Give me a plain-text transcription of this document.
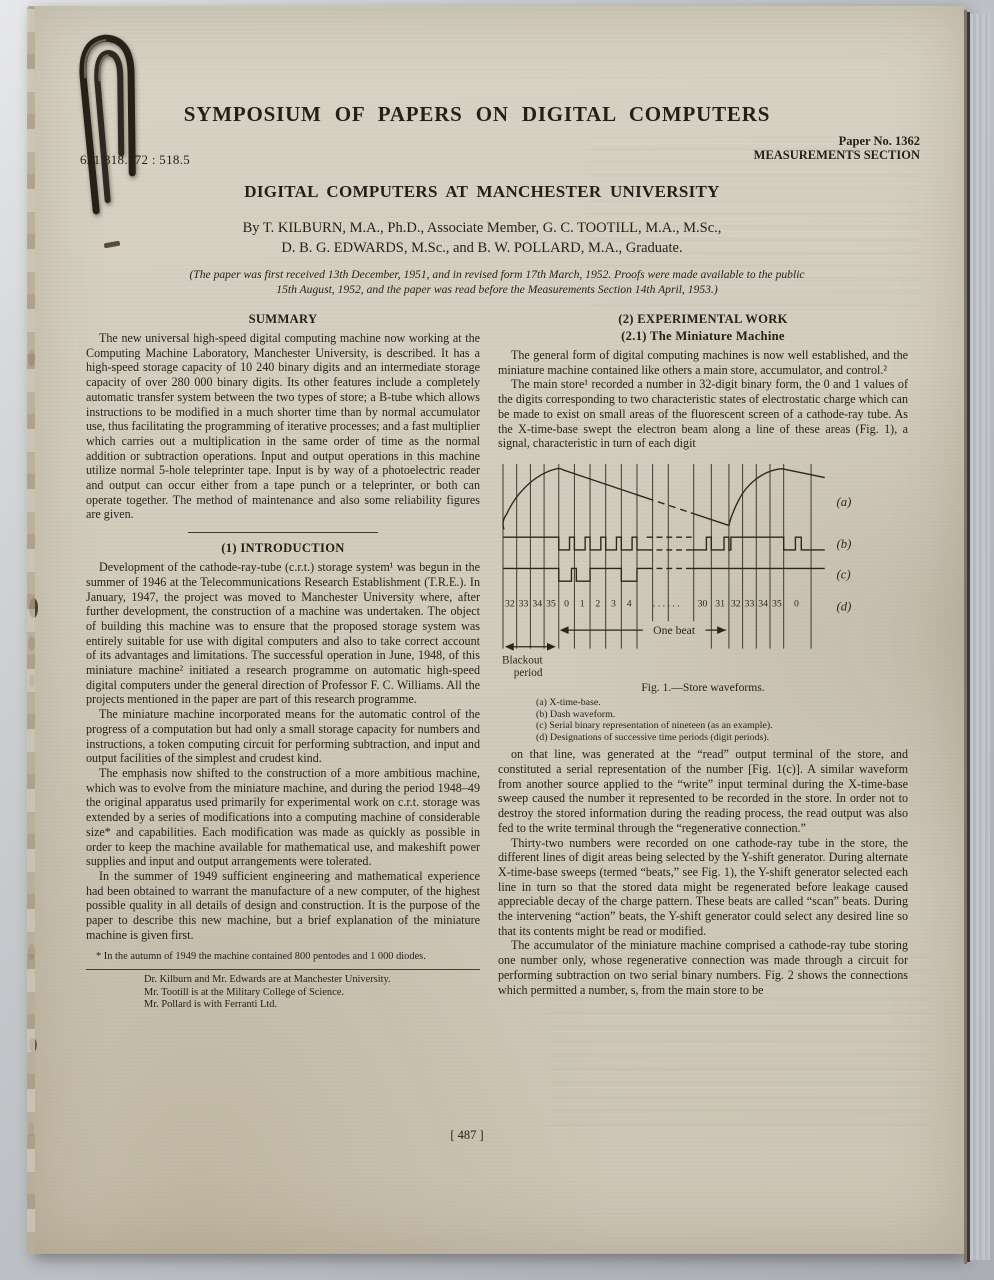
621.318.572 : 518.5
SYMPOSIUM OF PAPERS ON DIGITAL COMPUTERS
Paper No. 1362
MEASUREMENTS SECTION
DIGITAL COMPUTERS AT MANCHESTER UNIVERSITY
By T. KILBURN, M.A., Ph.D., Associate Member, G. C. TOOTILL, M.A., M.Sc.,
D. B. G. EDWARDS, M.Sc., and B. W. POLLARD, M.A., Graduate.
(The paper was first received 13th December, 1951, and in revised form 17th March, 1952. Proofs were made available to the public
15th August, 1952, and the paper was read before the Measurements Section 14th April, 1953.)
SUMMARY

The new universal high-speed digital computing machine now working at the Computing Machine Laboratory, Manchester University, is described. It has a high-speed storage capacity of 10 240 binary digits and an intermediate storage capacity of over 280 000 binary digits. Its other features include a completely automatic transfer system between the two types of store; a B-tube which allows instructions to be modified in a much shorter time than by normal accumulator use, thus facilitating the programming of iterative processes; and a fast multiplier which carries out a multiplication in the same order of time as the normal addition or subtraction operations. Input and output operations in this machine utilize normal 5-hole teleprinter tape. Input is by way of a photoelectric reader and output can occur either from a tape punch or a teleprinter, or both can operate together. The method of maintenance and also some reliability figures are given.

(1) INTRODUCTION

Development of the cathode-ray-tube (c.r.t.) storage system¹ was begun in the summer of 1946 at the Telecommunications Research Establishment (T.R.E.). In January, 1947, the project was moved to Manchester University where, after further development, the construction of a machine was undertaken. The object of building this machine was to ensure that the proposed storage system was entirely suitable for use with digital computers and also to take correct account of its advantages and limitations. The successful operation in June, 1948, of this miniature machine² initiated a research programme on automatic high-speed digital computers under the general direction of Professor F. C. Williams. All the projects mentioned in the paper are part of this research programme.

The miniature machine incorporated means for the automatic control of the progress of a computation but had only a small storage capacity for numbers and instructions, a token computing circuit for performing subtraction, and input and output facilities of the simplest and crudest kind.

The emphasis now shifted to the construction of a more ambitious machine, which was to evolve from the miniature machine, and during the period 1948–49 the original apparatus used primarily for experimental work on c.r.t. storage was extended by a series of modifications into a computing machine of considerable size* and capabilities. Each modification was made as quickly as possible in order to keep the machine available for mathematical use, and makeshift power supplies and input and output arrangements were tolerated.

In the summer of 1949 sufficient engineering and mathematical experience had been obtained to warrant the manufacture of a new computer, of the highest possible quality in all details of design and construction. It is the purpose of the paper to describe this new machine, but a brief explanation of the miniature machine is given first.

* In the autumn of 1949 the machine contained 800 pentodes and 1 000 diodes.
Dr. Kilburn and Mr. Edwards are at Manchester University.
Mr. Tootill is at the Military College of Science.
Mr. Pollard is with Ferranti Ltd.
(2) EXPERIMENTAL WORK
(2.1) The Miniature Machine

The general form of digital computing machines is now well established, and the miniature machine contained like others a main store, accumulator, and control.²

The main store¹ recorded a number in 32-digit binary form, the 0 and 1 values of the digits corresponding to two characteristic states of electrostatic charge which can be made to exist on small areas of the fluorescent screen of a cathode-ray tube. As the X-time-base swept the electron beam along a line of these areas (Fig. 1), a signal, characteristic in turn of each digit

32 33 34 35 0 1 2 3 4 . . . . . . 30 31 32 33 34 35 0
One beat
Blackout
period
(a)
(b)
(c)
(d)
Fig. 1.—Store waveforms.
(a) X-time-base.
(b) Dash waveform.
(c) Serial binary representation of nineteen (as an example).
(d) Designations of successive time periods (digit periods).

on that line, was generated at the “read” output terminal of the store, and constituted a serial representation of the number [Fig. 1(c)]. A similar waveform from another source applied to the “write” input terminal during the X-time-base sweep caused the number it represented to be recorded in the store. In order not to destroy the stored information during the reading process, the read output was also fed to the write terminal through the “regenerative connection.”

Thirty-two numbers were recorded on one cathode-ray tube in the store, the different lines of digit areas being selected by the Y-shift generator. During alternate X-time-base sweeps (termed “beats,” see Fig. 1), the Y-shift generator selected each line in turn so that the stored data might be regenerated before leakage caused appreciable decay of the charge pattern. These beats are called “scan” beats. During the intervening “action” beats, the Y-shift generator could select any desired line so that its contents might be read or modified.

The accumulator of the miniature machine comprised a cathode-ray tube storing one number only, whose regenerative connection was made through a circuit for performing subtraction on two serial binary numbers. Fig. 2 shows the connections which permitted a number, s, from the main store to be

[ 487 ]
